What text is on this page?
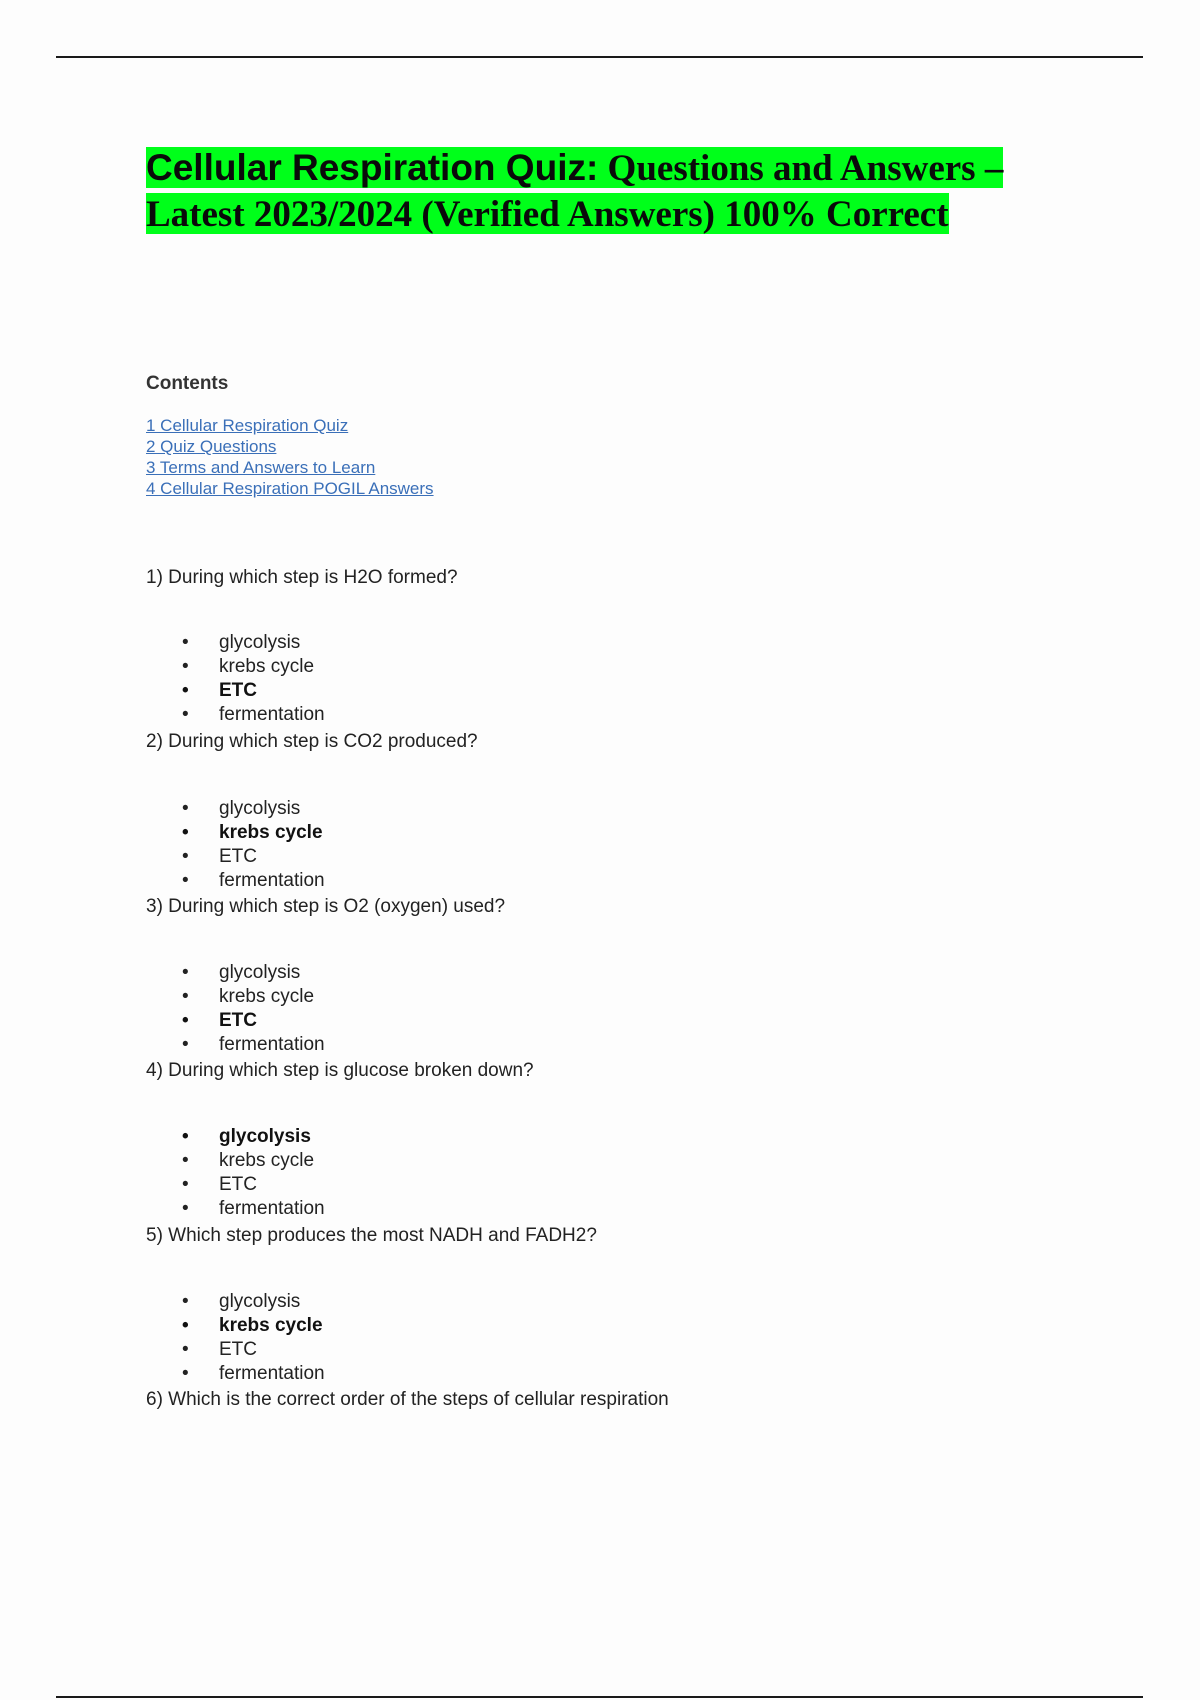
Cellular Respiration Quiz: Questions and Answers –
Latest 2023/2024 (Verified Answers) 100% Correct
Contents
1 Cellular Respiration Quiz
2 Quiz Questions
3 Terms and Answers to Learn
4 Cellular Respiration POGIL Answers
1) During which step is H2O formed?
• glycolysis
• krebs cycle
• ETC
• fermentation
2) During which step is CO2 produced?
• glycolysis
• krebs cycle
• ETC
• fermentation
3) During which step is O2 (oxygen) used?
• glycolysis
• krebs cycle
• ETC
• fermentation
4) During which step is glucose broken down?
• glycolysis
• krebs cycle
• ETC
• fermentation
5) Which step produces the most NADH and FADH2?
• glycolysis
• krebs cycle
• ETC
• fermentation
6) Which is the correct order of the steps of cellular respiration
